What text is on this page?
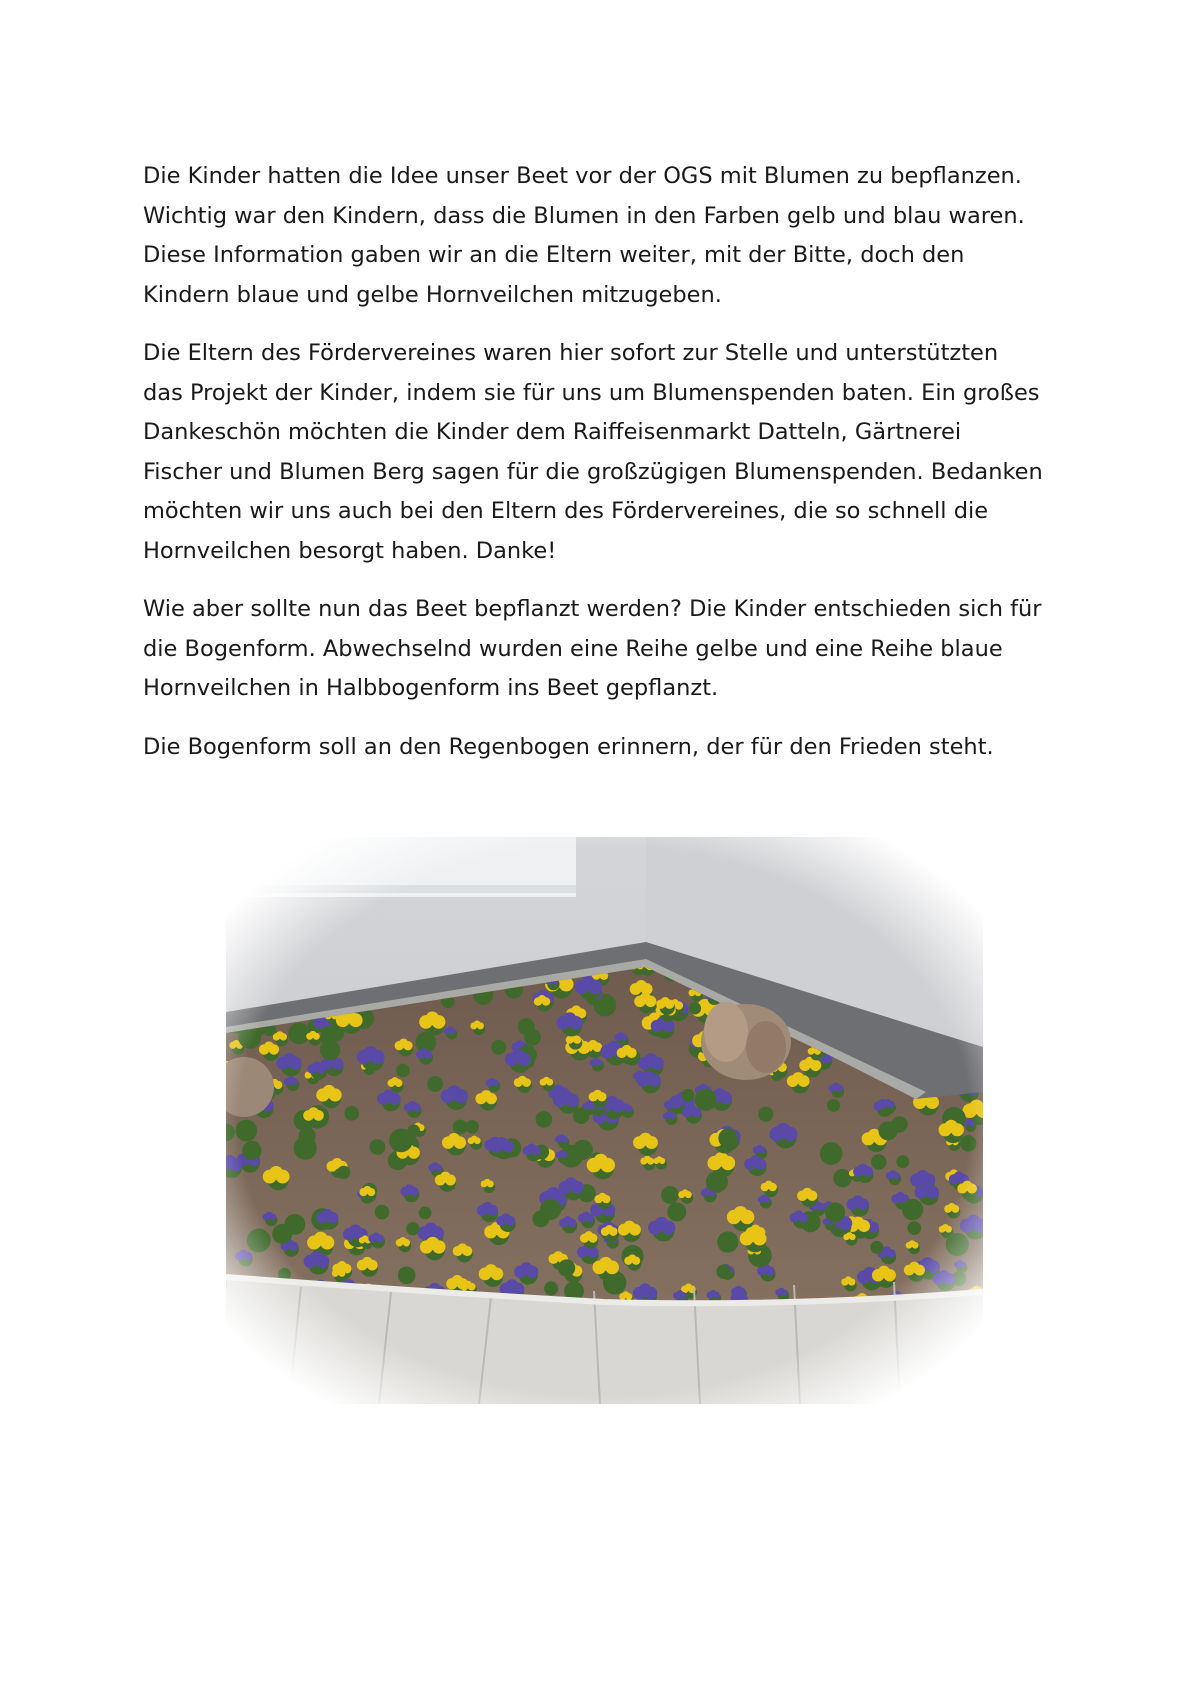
Die Kinder hatten die Idee unser Beet vor der OGS mit Blumen zu bepflanzen.
Wichtig war den Kindern, dass die Blumen in den Farben gelb und blau waren.
Diese Information gaben wir an die Eltern weiter, mit der Bitte, doch den
Kindern blaue und gelbe Hornveilchen mitzugeben.

Die Eltern des Fördervereines waren hier sofort zur Stelle und unterstützten
das Projekt der Kinder, indem sie für uns um Blumenspenden baten. Ein großes
Dankeschön möchten die Kinder dem Raiffeisenmarkt Datteln, Gärtnerei
Fischer und Blumen Berg sagen für die großzügigen Blumenspenden. Bedanken
möchten wir uns auch bei den Eltern des Fördervereines, die so schnell die
Hornveilchen besorgt haben. Danke!

Wie aber sollte nun das Beet bepflanzt werden? Die Kinder entschieden sich für
die Bogenform. Abwechselnd wurden eine Reihe gelbe und eine Reihe blaue
Hornveilchen in Halbbogenform ins Beet gepflanzt.

Die Bogenform soll an den Regenbogen erinnern, der für den Frieden steht.
